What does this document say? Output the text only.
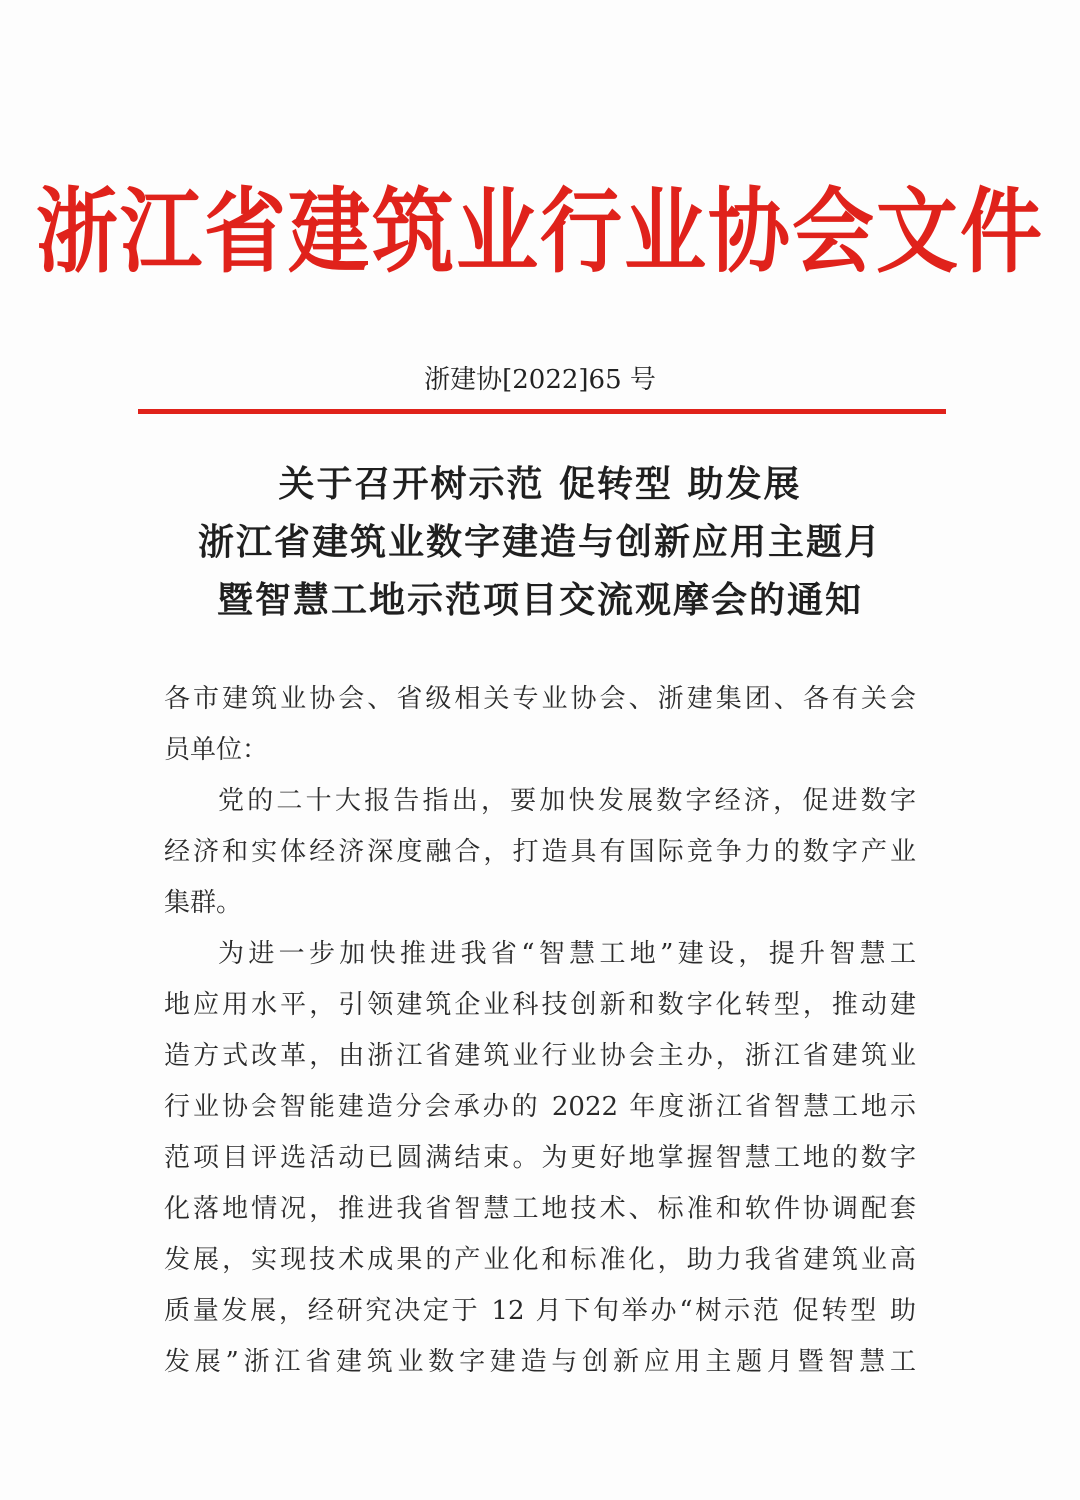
浙江省建筑业行业协会文件
浙建协[2022]65 号
关于召开树示范 促转型 助发展
浙江省建筑业数字建造与创新应用主题月
暨智慧工地示范项目交流观摩会的通知
各市建筑业协会、省级相关专业协会、浙建集团、各有关会
员单位：
党的二十大报告指出，要加快发展数字经济，促进数字
经济和实体经济深度融合，打造具有国际竞争力的数字产业
集群。
为进一步加快推进我省“智慧工地”建设，提升智慧工
地应用水平，引领建筑企业科技创新和数字化转型，推动建
造方式改革，由浙江省建筑业行业协会主办，浙江省建筑业
行业协会智能建造分会承办的 2022 年度浙江省智慧工地示
范项目评选活动已圆满结束。为更好地掌握智慧工地的数字
化落地情况，推进我省智慧工地技术、标准和软件协调配套
发展，实现技术成果的产业化和标准化，助力我省建筑业高
质量发展，经研究决定于 12 月下旬举办“树示范 促转型 助
发展”浙江省建筑业数字建造与创新应用主题月暨智慧工
